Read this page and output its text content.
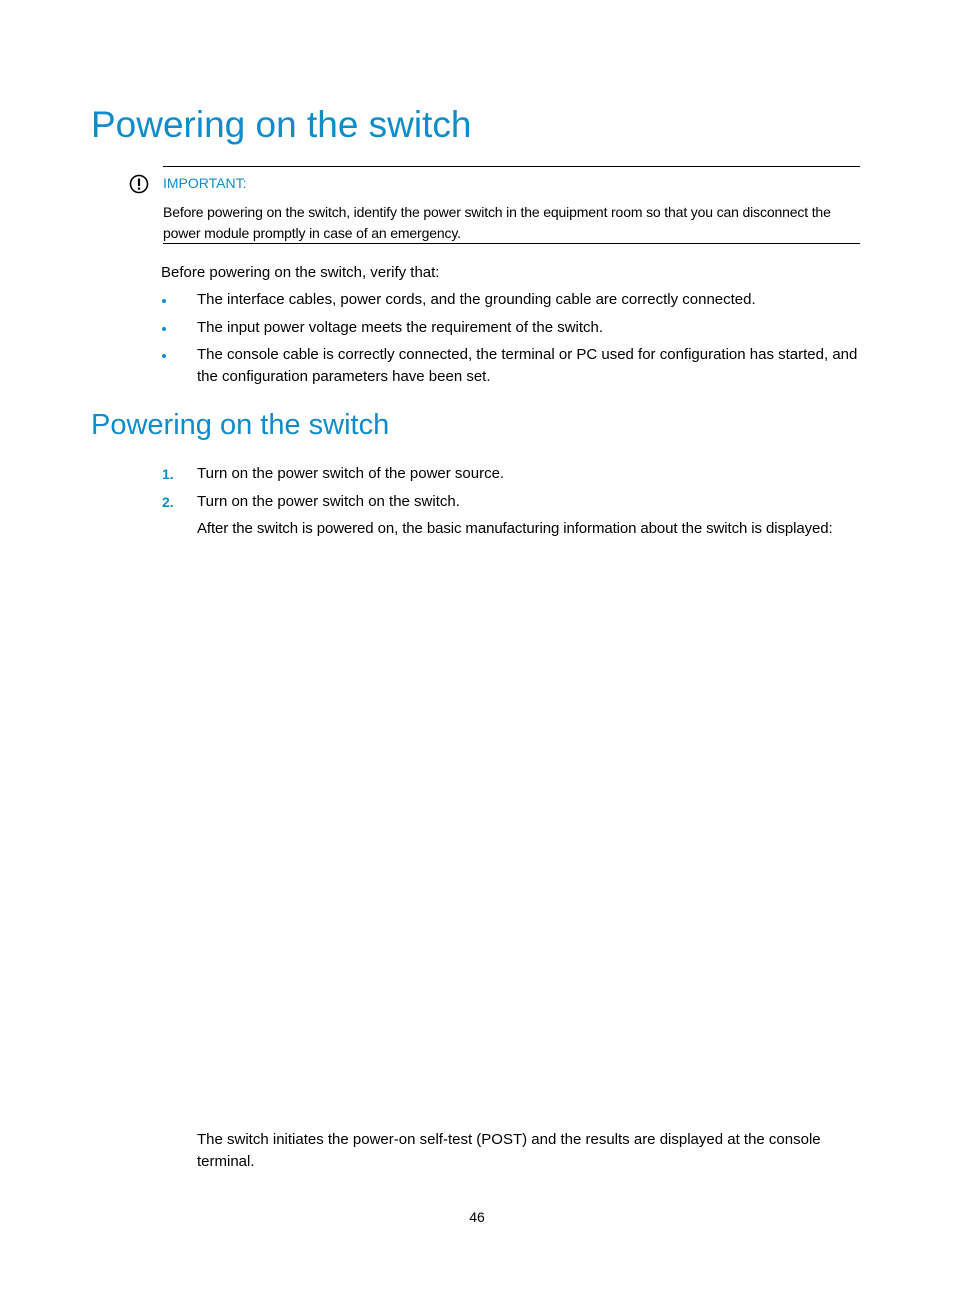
Powering on the switch
IMPORTANT:
Before powering on the switch, identify the power switch in the equipment room so that you can disconnect the power module promptly in case of an emergency.

Before powering on the switch, verify that:

The interface cables, power cords, and the grounding cable are correctly connected.

The input power voltage meets the requirement of the switch.

The console cable is correctly connected, the terminal or PC used for configuration has started, and the configuration parameters have been set.

Powering on the switch
1. Turn on the power switch of the power source.

2. Turn on the power switch on the switch.

After the switch is powered on, the basic manufacturing information about the switch is displayed:

The switch initiates the power-on self-test (POST) and the results are displayed at the console terminal.

46
